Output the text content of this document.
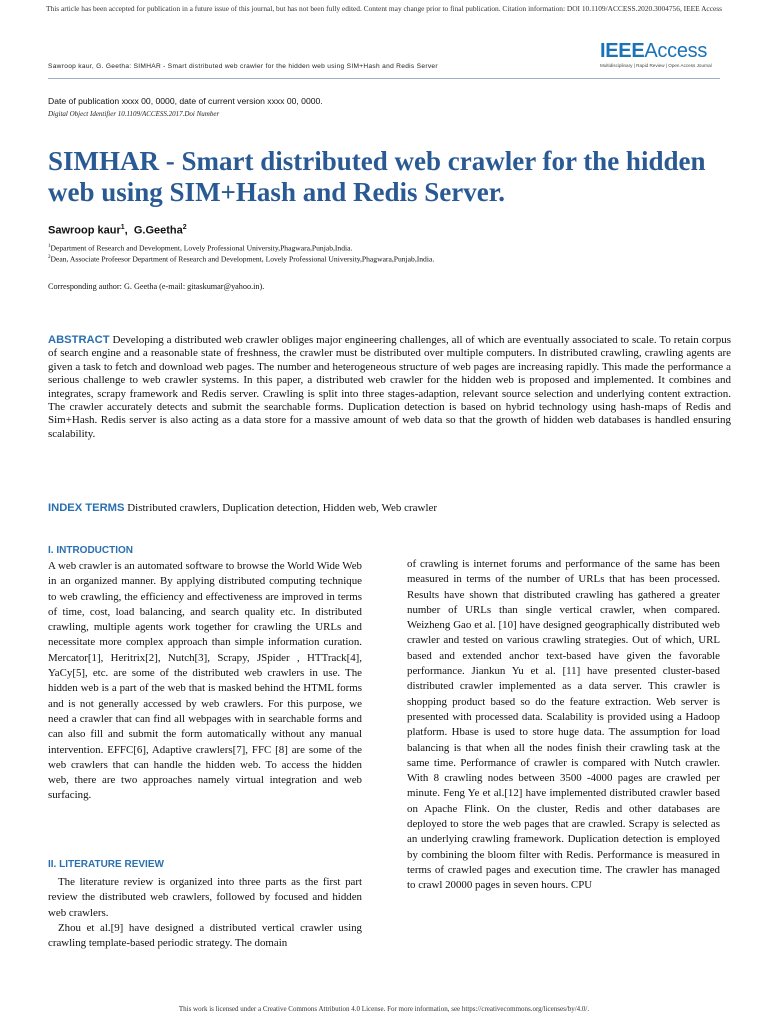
This article has been accepted for publication in a future issue of this journal, but has not been fully edited. Content may change prior to final publication. Citation information: DOI 10.1109/ACCESS.2020.3004756, IEEE Access
Sawroop kaur, G. Geetha: SIMHAR - Smart distributed web crawler for the hidden web using SIM+Hash and Redis Server
IEEEAccess
Multidisciplinary | Rapid Review | Open Access Journal
Date of publication xxxx 00, 0000, date of current version xxxx 00, 0000.
Digital Object Identifier 10.1109/ACCESS.2017.Doi Number
SIMHAR - Smart distributed web crawler for the hidden web using SIM+Hash and Redis Server.
Sawroop kaur$^1$,  G.Geetha$^2$
$^1$Department of Research and Development, Lovely Professional University,Phagwara,Punjab,India.
$^2$Dean, Associate Profeesor Department of Research and Development, Lovely Professional University,Phagwara,Punjab,India.
Corresponding author: G. Geetha (e-mail: gitaskumar@yahoo.in).
ABSTRACT Developing a distributed web crawler obliges major engineering challenges, all of which are eventually associated to scale. To retain corpus of search engine and a reasonable state of freshness, the crawler must be distributed over multiple computers. In distributed crawling, crawling agents are given a task to fetch and download web pages. The number and heterogeneous structure of web pages are increasing rapidly. This made the performance a serious challenge to web crawler systems. In this paper, a distributed web crawler for the hidden web is proposed and implemented. It combines and integrates, scrapy framework and Redis server. Crawling is split into three stages-adaption, relevant source selection and underlying content extraction. The crawler accurately detects and submit the searchable forms. Duplication detection is based on hybrid technology using hash-maps of Redis and Sim+Hash. Redis server is also acting as a data store for a massive amount of web data so that the growth of hidden web databases is handled ensuring scalability.
INDEX TERMS Distributed crawlers, Duplication detection, Hidden web, Web crawler
I. INTRODUCTION

A web crawler is an automated software to browse the World Wide Web in an organized manner. By applying distributed computing technique to web crawling, the efficiency and effectiveness are improved in terms of time, cost, load balancing, and search quality etc. In distributed crawling, multiple agents work together for crawling the URLs and necessitate more complex approach than simple information curation. Mercator[1], Heritrix[2], Nutch[3], Scrapy, JSpider , HTTrack[4], YaCy[5], etc. are some of the distributed web crawlers in use. The hidden web is a part of the web that is masked behind the HTML forms and is not generally accessed by web crawlers. For this purpose, we need a crawler that can find all webpages with in searchable forms and can also fill and submit the form automatically without any manual intervention. EFFC[6], Adaptive crawlers[7], FFC [8] are some of the web crawlers that can handle the hidden web. To access the hidden web, there are two approaches namely virtual integration and web surfacing.

II. LITERATURE REVIEW

The literature review is organized into three parts as the first part review the distributed web crawlers, followed by focused and hidden web crawlers.

Zhou et al.[9] have designed a distributed vertical crawler using crawling template-based periodic strategy. The domain

of crawling is internet forums and performance of the same has been measured in terms of the number of URLs that has been processed. Results have shown that distributed crawling has gathered a greater number of URLs than single vertical crawler, when compared. Weizheng Gao et al. [10] have designed geographically distributed web crawler and tested on various crawling strategies. Out of which, URL based and extended anchor text-based have given the favorable performance. Jiankun Yu et al. [11] have presented cluster-based distributed crawler implemented as a data server. This crawler is shopping product based so do the feature extraction. Web server is presented with processed data. Scalability is provided using a Hadoop platform. Hbase is used to store huge data. The assumption for load balancing is that when all the nodes finish their crawling task at the same time. Performance of crawler is compared with Nutch crawler. With 8 crawling nodes between 3500 -4000 pages are crawled per minute. Feng Ye et al.[12] have implemented distributed crawler based on Apache Flink. On the cluster, Redis and other databases are deployed to store the web pages that are crawled. Scrapy is selected as an underlying crawling framework. Duplication detection is employed by combining the bloom filter with Redis. Performance is measured in terms of crawled pages and execution time. The crawler has managed to crawl 20000 pages in seven hours. CPU

This work is licensed under a Creative Commons Attribution 4.0 License. For more information, see https://creativecommons.org/licenses/by/4.0/.
